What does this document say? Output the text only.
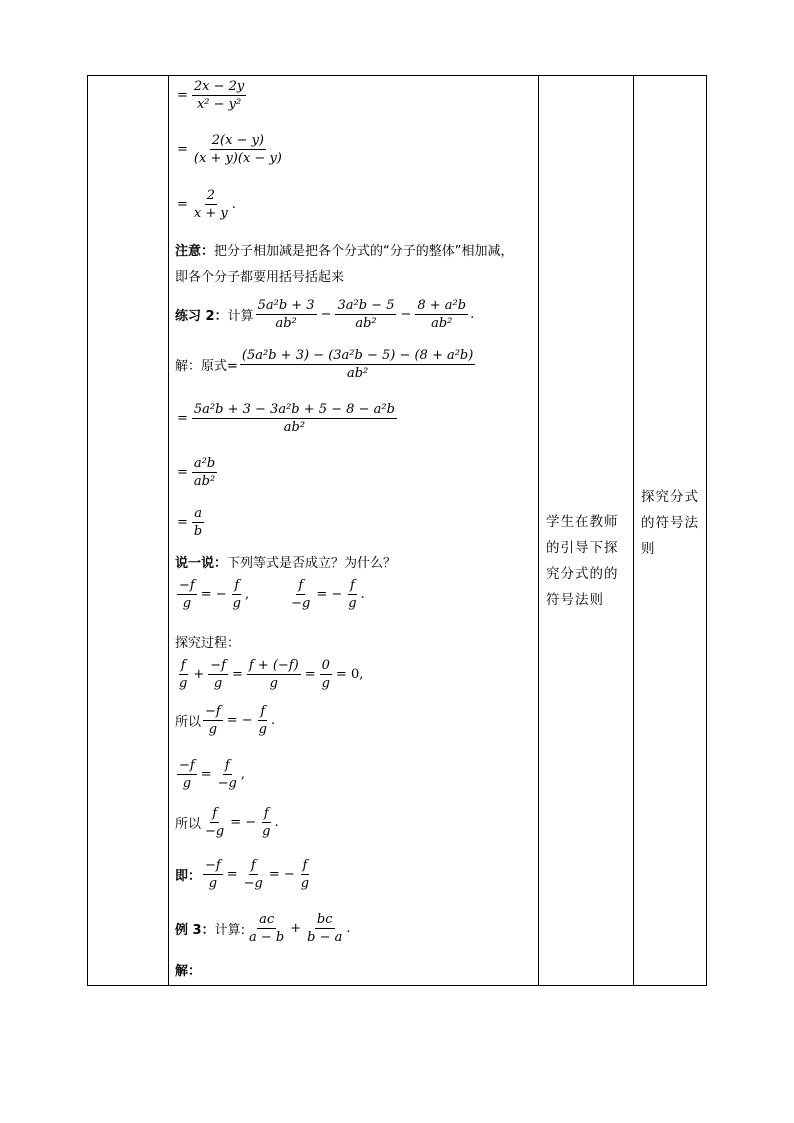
= $\frac{2x - 2y}{\text{x² − y²}}$
= $\frac{2(x - y)}{(x + y)(x - y)}$
= $\frac{2}{x + y}$ .
注意： 把分子相加减是把各个分式的“分子的整体”相加减，
即各个分子都要用括号括起来
练习 2： 计算 $\frac{\text{5a²b + 3}}{\text{ab²}} - \frac{\text{3a²b − 5}}{\text{ab²}} - \frac{\text{8 + a²b}}{\text{ab²}}$ .
解：原式= $\frac{\text{(5a²b + 3) − (3a²b − 5) − (8 + a²b)}}{\text{ab²}}$
= $\frac{\text{5a²b + 3 − 3a²b + 5 − 8 − a²b}}{\text{ab²}}$
= $\frac{\text{a²b}}{\text{ab²}}$
= $\frac{a}{b}$
说一说： 下列等式是否成立？为什么？
$\frac{-f}{g}$ = − $\frac{f}{g}$ ,	$\frac{f}{-g}$ = − $\frac{f}{g}$ .
探究过程：
$\frac{f}{g} + \frac{-f}{g} = \frac{f + (-f)}{g} = \frac{0}{g} = 0$,
所以 $\frac{-f}{g}$ = − $\frac{f}{g}$ .
$\frac{-f}{g} = \frac{f}{-g}$ ,
所以 $\frac{f}{-g}$ = − $\frac{f}{g}$ .
即： $\frac{-f}{g} = \frac{f}{-g}$ = − $\frac{f}{g}$
例 3： 计算: $\frac{ac}{a - b} + \frac{bc}{b - a}$ .
解：
学生在教师的引导下探究分式的的符号法则
探究分式的符号法则
